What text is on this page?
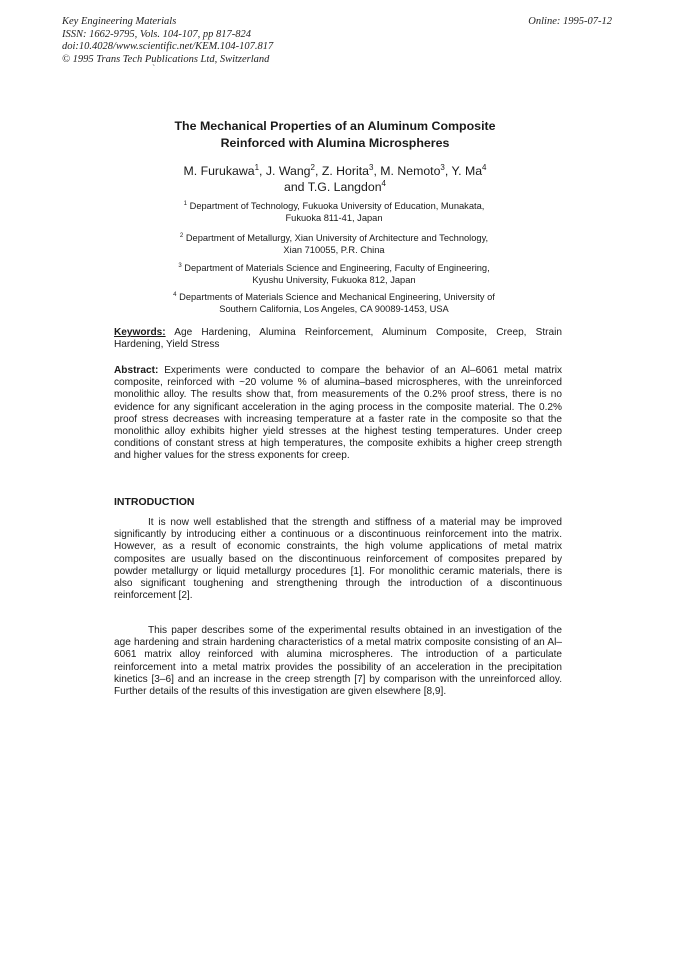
Key Engineering Materials
ISSN: 1662-9795, Vols. 104-107, pp 817-824
doi:10.4028/www.scientific.net/KEM.104-107.817
© 1995 Trans Tech Publications Ltd, Switzerland
Online: 1995-07-12
`
The Mechanical Properties of an Aluminum Composite
Reinforced with Alumina Microspheres
M. Furukawa$^1$, J. Wang$^2$, Z. Horita$^3$, M. Nemoto$^3$, Y. Ma$^4$
and T.G. Langdon$^4$
$^1$ Department of Technology, Fukuoka University of Education, Munakata,
Fukuoka 811-41, Japan
$^2$ Department of Metallurgy, Xian University of Architecture and Technology,
Xian 710055, P.R. China
$^3$ Department of Materials Science and Engineering, Faculty of Engineering,
Kyushu University, Fukuoka 812, Japan
$^4$ Departments of Materials Science and Mechanical Engineering, University of
Southern California, Los Angeles, CA 90089-1453, USA
Keywords: Age Hardening, Alumina Reinforcement, Aluminum Composite, Creep, Strain Hardening, Yield Stress
Abstract: Experiments were conducted to compare the behavior of an Al–6061 metal matrix composite, reinforced with ~20 volume % of alumina–based microspheres, with the unreinforced monolithic alloy. The results show that, from measurements of the 0.2% proof stress, there is no evidence for any significant acceleration in the aging process in the composite material. The 0.2% proof stress decreases with increasing temperature at a faster rate in the composite so that the monolithic alloy exhibits higher yield stresses at the highest testing temperatures. Under creep conditions of constant stress at high temperatures, the composite exhibits a higher creep strength and higher values for the stress exponents for creep.
INTRODUCTION

It is now well established that the strength and stiffness of a material may be improved significantly by introducing either a continuous or a discontinuous reinforcement into the matrix. However, as a result of economic constraints, the high volume applications of metal matrix composites are usually based on the discontinuous reinforcement of composites prepared by powder metallurgy or liquid metallurgy procedures [1]. For monolithic ceramic materials, there is also significant toughening and strengthening through the introduction of a discontinuous reinforcement [2].

This paper describes some of the experimental results obtained in an investigation of the age hardening and strain hardening characteristics of a metal matrix composite consisting of an Al–6061 matrix alloy reinforced with alumina microspheres. The introduction of a particulate reinforcement into a metal matrix provides the possibility of an acceleration in the precipitation kinetics [3–6] and an increase in the creep strength [7] by comparison with the unreinforced alloy. Further details of the results of this investigation are given elsewhere [8,9].
